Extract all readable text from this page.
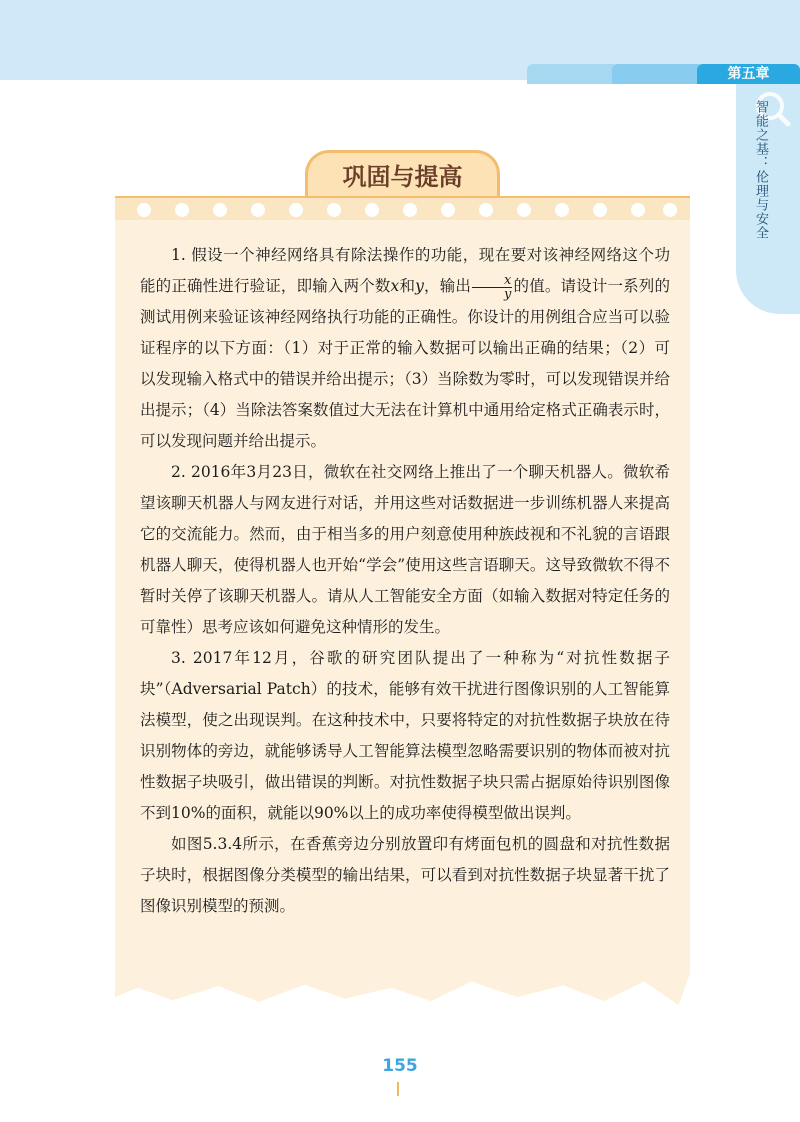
第五章
智能之基：伦理与安全
巩固与提高

1. 假设一个神经网络具有除法操作的功能，现在要对该神经网络这个功能的正确性进行验证，即输入两个数x和y，输出 $\frac{x}{y}$ 的值。请设计一系列的测试用例来验证该神经网络执行功能的正确性。你设计的用例组合应当可以验证程序的以下方面：（1）对于正常的输入数据可以输出正确的结果；（2）可以发现输入格式中的错误并给出提示；（3）当除数为零时，可以发现错误并给出提示；（4）当除法答案数值过大无法在计算机中通用给定格式正确表示时，可以发现问题并给出提示。

2. 2016年3月23日，微软在社交网络上推出了一个聊天机器人。微软希望该聊天机器人与网友进行对话，并用这些对话数据进一步训练机器人来提高它的交流能力。然而，由于相当多的用户刻意使用种族歧视和不礼貌的言语跟机器人聊天，使得机器人也开始“学会”使用这些言语聊天。这导致微软不得不暂时关停了该聊天机器人。请从人工智能安全方面（如输入数据对特定任务的可靠性）思考应该如何避免这种情形的发生。

3. 2017年12月，谷歌的研究团队提出了一种称为“对抗性数据子块”（Adversarial Patch）的技术，能够有效干扰进行图像识别的人工智能算法模型，使之出现误判。在这种技术中，只要将特定的对抗性数据子块放在待识别物体的旁边，就能够诱导人工智能算法模型忽略需要识别的物体而被对抗性数据子块吸引，做出错误的判断。对抗性数据子块只需占据原始待识别图像不到10%的面积，就能以90%以上的成功率使得模型做出误判。

如图5.3.4所示，在香蕉旁边分别放置印有烤面包机的圆盘和对抗性数据子块时，根据图像分类模型的输出结果，可以看到对抗性数据子块显著干扰了图像识别模型的预测。

155
